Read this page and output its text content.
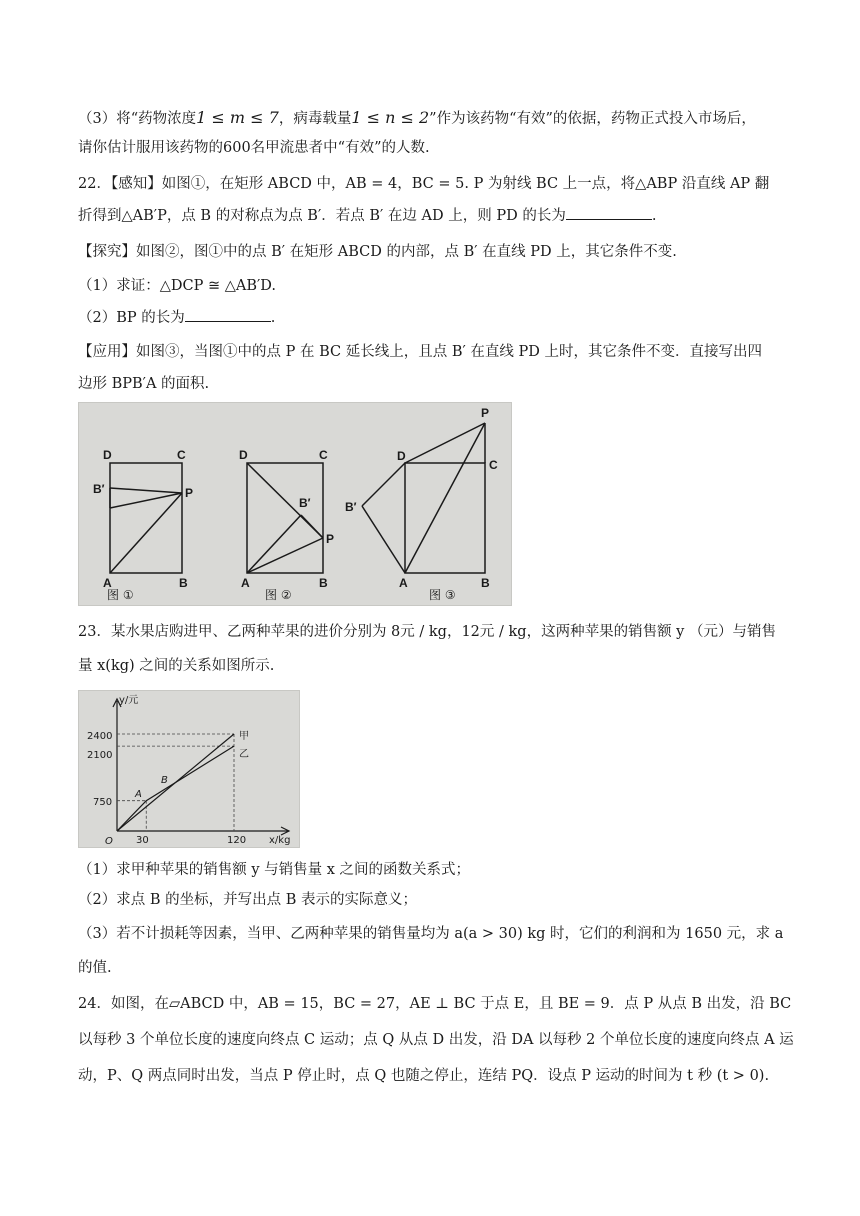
（3）将“药物浓度1 ≤ m ≤ 7，病毒载量1 ≤ n ≤ 2”作为该药物“有效”的依据，药物正式投入市场后，
请你估计服用该药物的600名甲流患者中“有效”的人数.
22．【感知】如图①，在矩形 ABCD 中，AB = 4，BC = 5. P 为射线 BC 上一点，将△ABP 沿直线 AP 翻
折得到△AB′P，点 B 的对称点为点 B′．若点 B′ 在边 AD 上，则 PD 的长为	.
【探究】如图②，图①中的点 B′ 在矩形 ABCD 的内部，点 B′ 在直线 PD 上，其它条件不变.
（1）求证：△DCP ≅ △AB′D.
（2）BP 的长为	.
【应用】如图③，当图①中的点 P 在 BC 延长线上，且点 B′ 在直线 PD 上时，其它条件不变．直接写出四
边形 BPB′A 的面积.
D	C
B′	P
A	B
D	C
B′
P
A	B
P
D
C
B′
A	B
图 ①	图 ②	图 ③
23．某水果店购进甲、乙两种苹果的进价分别为 8元 / kg，12元 / kg，这两种苹果的销售额 y （元）与销售
量 x(kg) 之间的关系如图所示.
y/元
x/kg
O
2400
2100
750
30	120
A
B
甲
乙
（1）求甲种苹果的销售额 y 与销售量 x 之间的函数关系式；
（2）求点 B 的坐标，并写出点 B 表示的实际意义；
（3）若不计损耗等因素，当甲、乙两种苹果的销售量均为 a(a > 30) kg 时，它们的利润和为 1650 元，求 a
的值.
24．如图，在▱ABCD 中，AB = 15，BC = 27，AE ⊥ BC 于点 E，且 BE = 9．点 P 从点 B 出发，沿 BC
以每秒 3 个单位长度的速度向终点 C 运动；点 Q 从点 D 出发，沿 DA 以每秒 2 个单位长度的速度向终点 A 运
动，P、Q 两点同时出发，当点 P 停止时，点 Q 也随之停止，连结 PQ．设点 P 运动的时间为 t 秒 (t > 0).
